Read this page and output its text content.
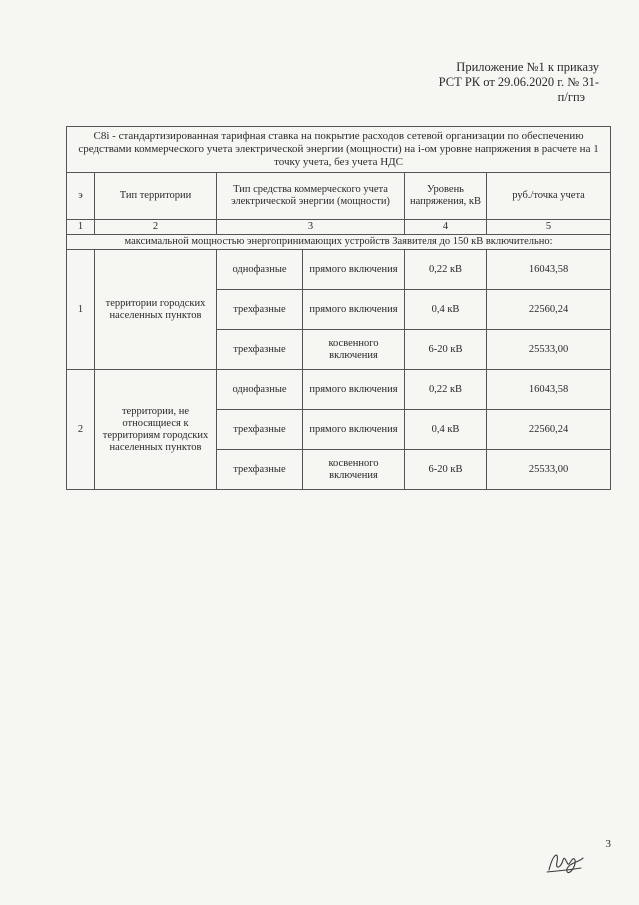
Приложение №1 к приказу
РСТ РК от 29.06.2020 г. № 31-
п/гпэ
C8i - стандартизированная тарифная ставка на покрытие расходов сетевой организации по обеспечению средствами коммерческого учета электрической энергии (мощности) на i-ом уровне напряжения в расчете на 1 точку учета, без учета НДС					
э	Тип территории	Тип средства коммерческого учета электрической энергии (мощности)		Уровень напряжения, кВ	руб./точка учета
1	2	3		4	5
максимальной мощностью энергопринимающих устройств Заявителя до 150 кВ включительно:					
1	территории городских населенных пунктов	однофазные	прямого включения	0,22 кВ	16043,58
		трехфазные	прямого включения	0,4 кВ	22560,24
		трехфазные	косвенного включения	6-20 кВ	25533,00
2	территории, не относящиеся к территориям городских населенных пунктов	однофазные	прямого включения	0,22 кВ	16043,58
		трехфазные	прямого включения	0,4 кВ	22560,24
		трехфазные	косвенного включения	6-20 кВ	25533,00
3
